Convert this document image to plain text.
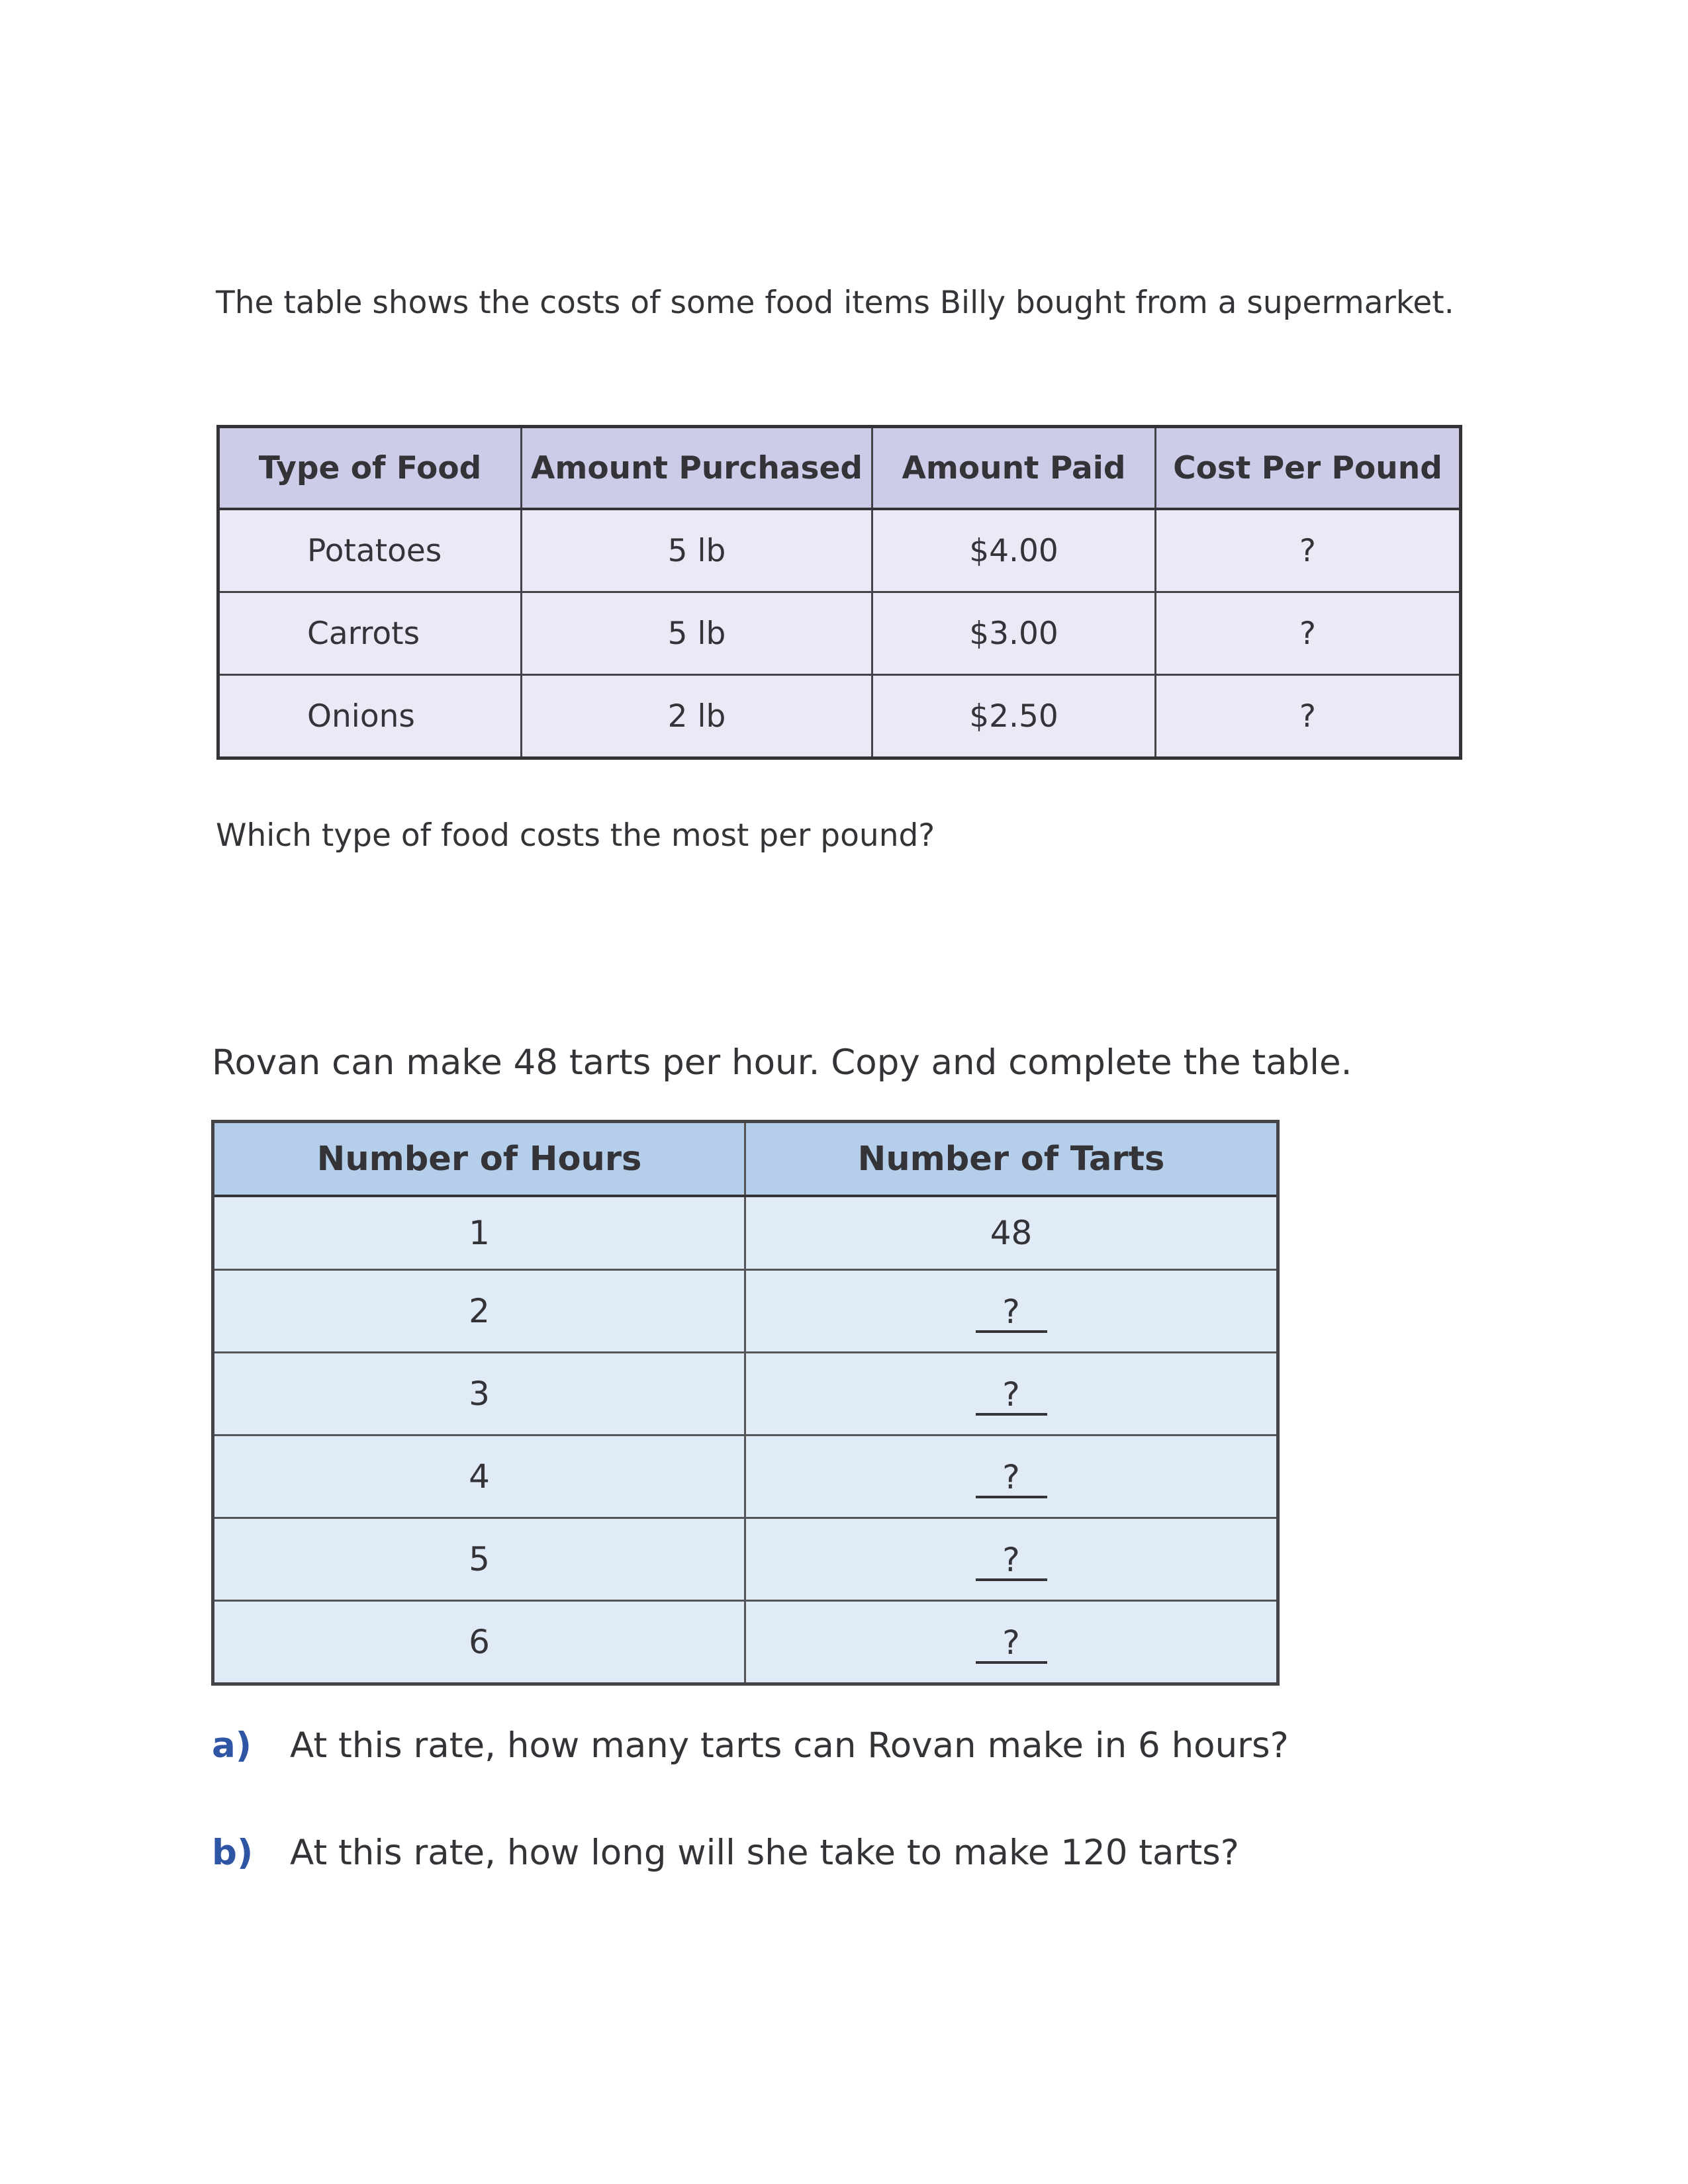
The table shows the costs of some food items Billy bought from a supermarket.

Type of Food	Amount Purchased	Amount Paid	Cost Per Pound
Potatoes	5 lb	$4.00	?
Carrots	5 lb	$3.00	?
Onions	2 lb	$2.50	?

Which type of food costs the most per pound?

Rovan can make 48 tarts per hour. Copy and complete the table.

Number of Hours	Number of Tarts
1	48
2	?
3	?
4	?
5	?
6	?

a) At this rate, how many tarts can Rovan make in 6 hours?

b) At this rate, how long will she take to make 120 tarts?
